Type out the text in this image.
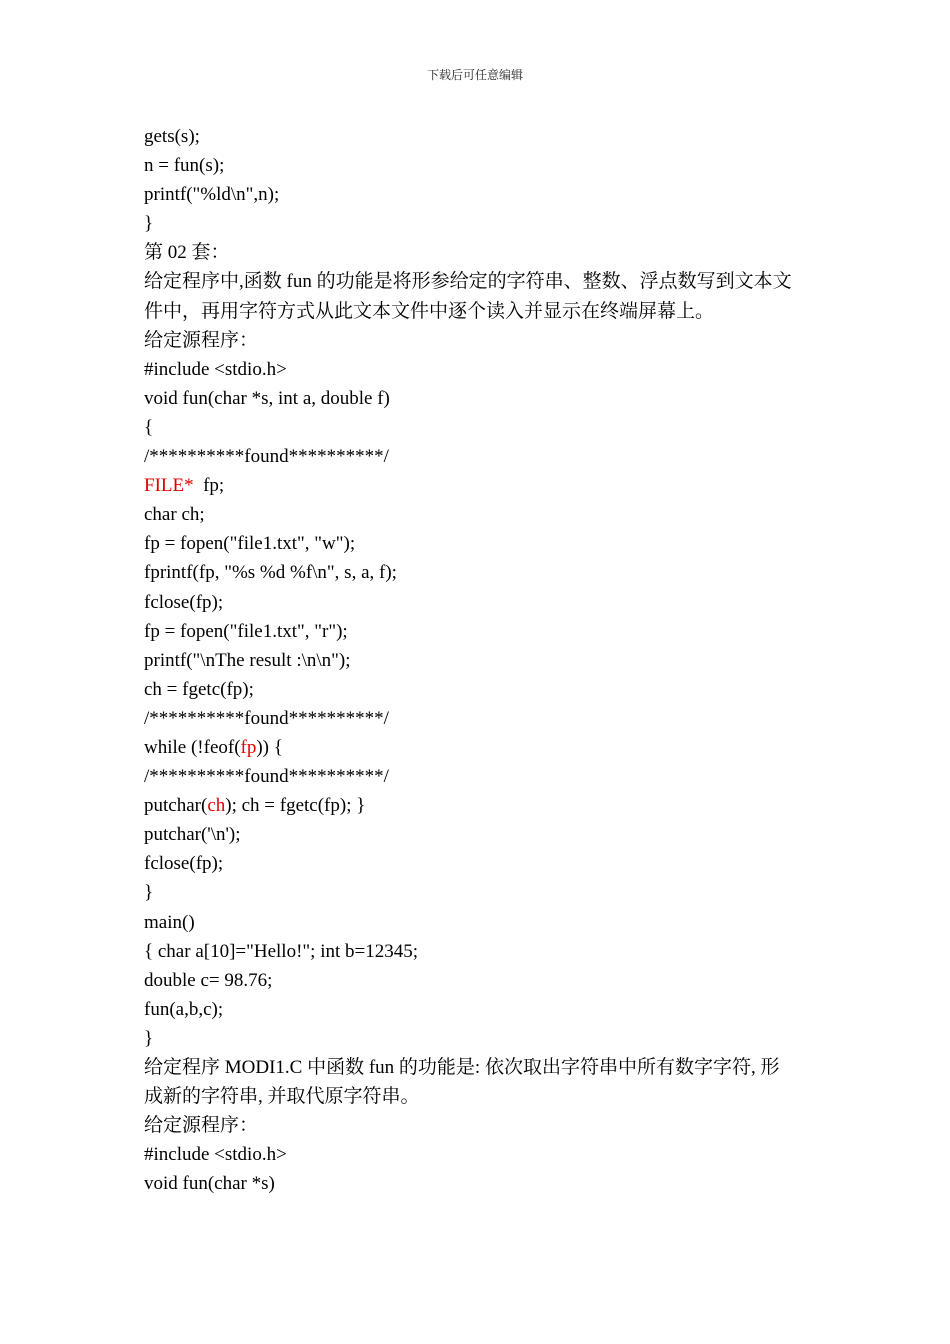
下载后可任意编辑
gets(s);
n = fun(s);
printf("%ld\n",n);
}
第 02 套：
给定程序中,函数 fun 的功能是将形参给定的字符串、整数、浮点数写到文本文
件中，再用字符方式从此文本文件中逐个读入并显示在终端屏幕上。
给定源程序：
#include <stdio.h>
void fun(char *s, int a, double f)
{
/**********found**********/
FILE*  fp;
char ch;
fp = fopen("file1.txt", "w");
fprintf(fp, "%s %d %f\n", s, a, f);
fclose(fp);
fp = fopen("file1.txt", "r");
printf("\nThe result :\n\n");
ch = fgetc(fp);
/**********found**********/
while (!feof(fp)) {
/**********found**********/
putchar(ch); ch = fgetc(fp); }
putchar('\n');
fclose(fp);
}
main()
{ char a[10]="Hello!"; int b=12345;
double c= 98.76;
fun(a,b,c);
}
给定程序 MODI1.C 中函数 fun 的功能是: 依次取出字符串中所有数字字符, 形
成新的字符串, 并取代原字符串。
给定源程序：
#include <stdio.h>
void fun(char *s)
